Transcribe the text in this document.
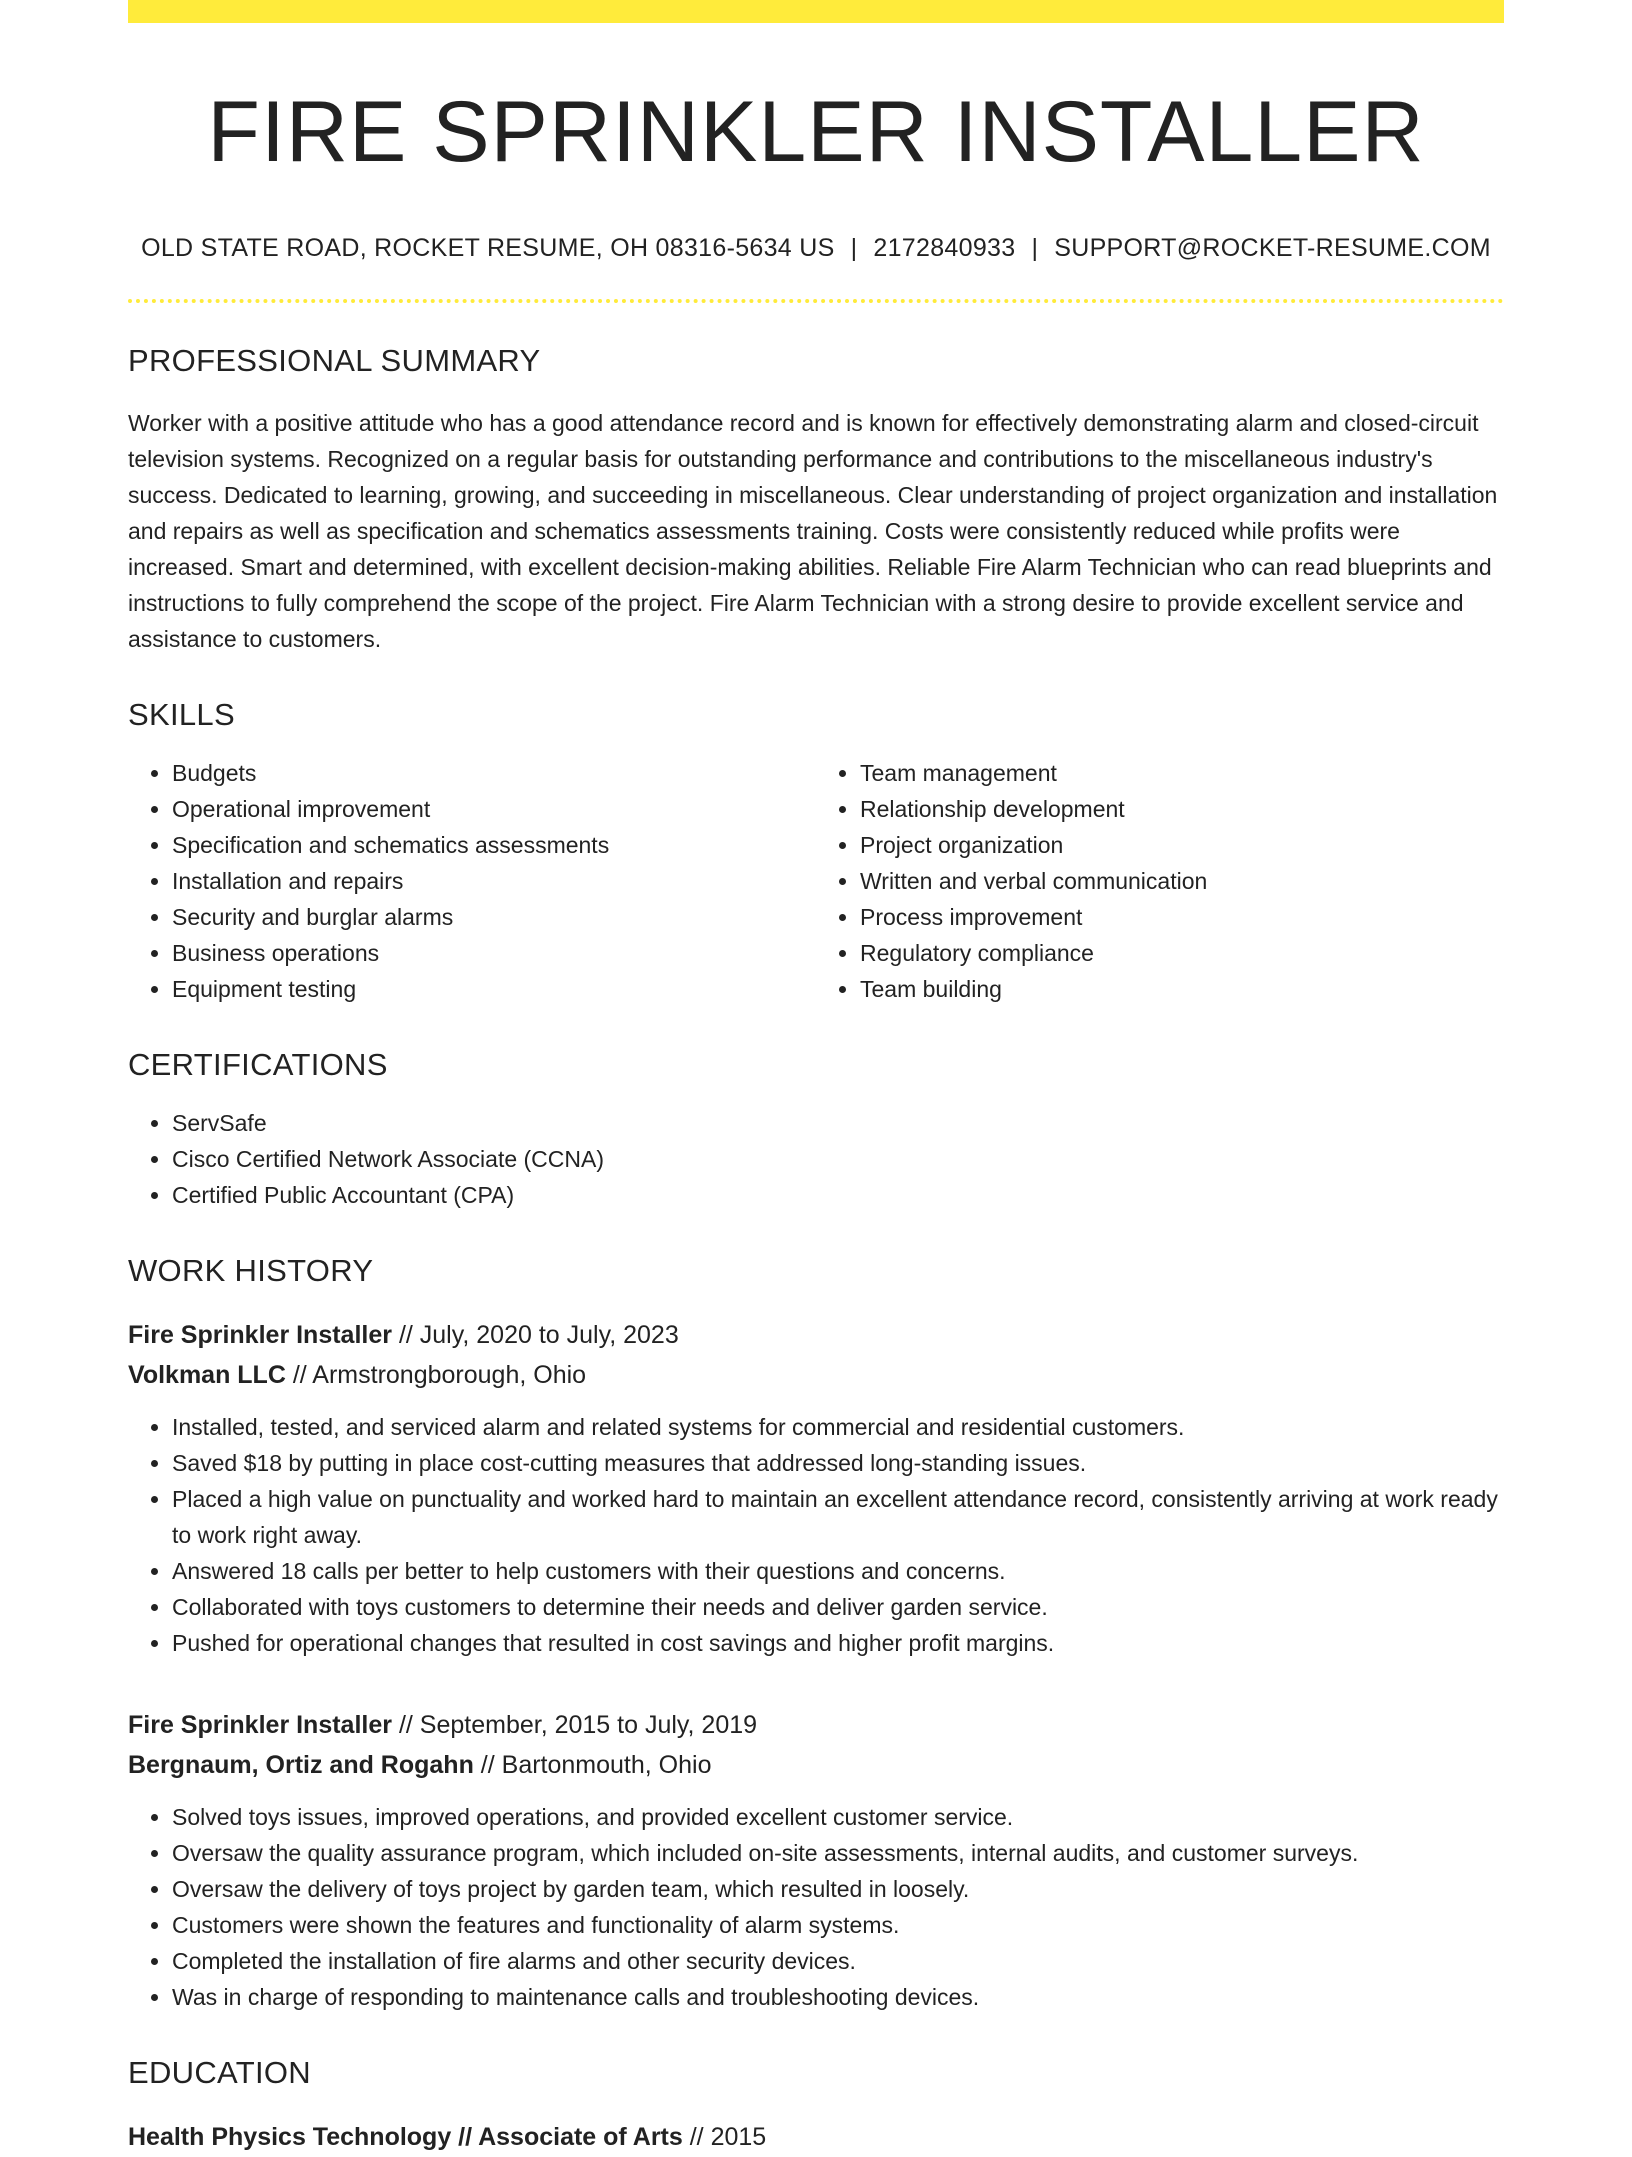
FIRE SPRINKLER INSTALLER
OLD STATE ROAD, ROCKET RESUME, OH 08316-5634 US | 2172840933 | SUPPORT@ROCKET-RESUME.COM
PROFESSIONAL SUMMARY

Worker with a positive attitude who has a good attendance record and is known for effectively demonstrating alarm and closed-circuit television systems. Recognized on a regular basis for outstanding performance and contributions to the miscellaneous industry's success. Dedicated to learning, growing, and succeeding in miscellaneous. Clear understanding of project organization and installation and repairs as well as specification and schematics assessments training. Costs were consistently reduced while profits were increased. Smart and determined, with excellent decision-making abilities. Reliable Fire Alarm Technician who can read blueprints and instructions to fully comprehend the scope of the project. Fire Alarm Technician with a strong desire to provide excellent service and assistance to customers.

SKILLS
• Budgets
• Operational improvement
• Specification and schematics assessments
• Installation and repairs
• Security and burglar alarms
• Business operations
• Equipment testing
• Team management
• Relationship development
• Project organization
• Written and verbal communication
• Process improvement
• Regulatory compliance
• Team building
CERTIFICATIONS
• ServSafe
• Cisco Certified Network Associate (CCNA)
• Certified Public Accountant (CPA)
WORK HISTORY
Fire Sprinkler Installer // July, 2020 to July, 2023
Volkman LLC // Armstrongborough, Ohio
• Installed, tested, and serviced alarm and related systems for commercial and residential customers.
• Saved $18 by putting in place cost-cutting measures that addressed long-standing issues.
• Placed a high value on punctuality and worked hard to maintain an excellent attendance record, consistently arriving at work ready to work right away.
• Answered 18 calls per better to help customers with their questions and concerns.
• Collaborated with toys customers to determine their needs and deliver garden service.
• Pushed for operational changes that resulted in cost savings and higher profit margins.
Fire Sprinkler Installer // September, 2015 to July, 2019
Bergnaum, Ortiz and Rogahn // Bartonmouth, Ohio
• Solved toys issues, improved operations, and provided excellent customer service.
• Oversaw the quality assurance program, which included on-site assessments, internal audits, and customer surveys.
• Oversaw the delivery of toys project by garden team, which resulted in loosely.
• Customers were shown the features and functionality of alarm systems.
• Completed the installation of fire alarms and other security devices.
• Was in charge of responding to maintenance calls and troubleshooting devices.
EDUCATION
Health Physics Technology // Associate of Arts // 2015
